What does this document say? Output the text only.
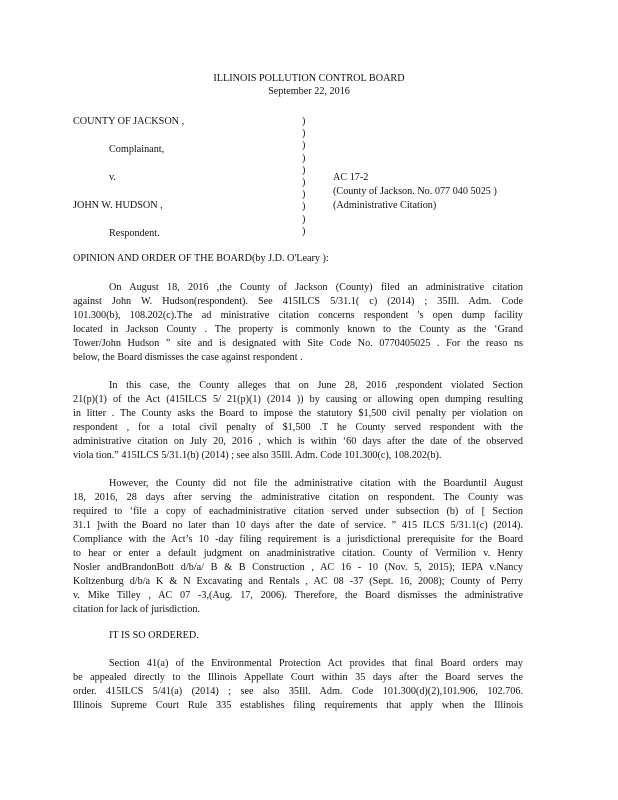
ILLINOIS POLLUTION CONTROL BOARD
September 22, 2016
COUNTY OF JACKSON ,
Complainant,
v.
JOHN W. HUDSON ,
Respondent.
)
)
)
)
)
)
)
)
)
)
AC 17-2
(County of Jackson. No. 077 040 5025 )
(Administrative Citation)
OPINION AND ORDER OF THE BOARD(by J.D. O'Leary ):
On August 18, 2016 ,the County of Jackson (County) filed an administrative citation
against John W. Hudson(respondent). See 415ILCS 5/31.1( c) (2014) ; 35Ill. Adm. Code
101.300(b), 108.202(c).The ad ministrative citation concerns respondent 's open dump facility
located in Jackson County . The property is commonly known to the County as the ‘Grand
Tower/John Hudson ” site and is designated with Site Code No. 0770405025 . For the reaso ns
below, the Board dismisses the case against respondent .
In this case, the County alleges that on June 28, 2016 ,respondent violated Section
21(p)(1) of the Act (415ILCS 5/ 21(p)(1) (2014 )) by causing or allowing open dumping resulting
in litter . The County asks the Board to impose the statutory $1,500 civil penalty per violation on
respondent , for a total civil penalty of $1,500 .T he County served respondent with the
administrative citation on July 20, 2016 , which is within ‘60 days after the date of the observed
viola tion.” 415ILCS 5/31.1(b) (2014) ; see also 35Ill. Adm. Code 101.300(c), 108.202(b).
However, the County did not file the administrative citation with the Boarduntil August
18, 2016, 28 days after serving the administrative citation on respondent. The County was
required to ‘file a copy of eachadministrative citation served under subsection (b) of [ Section
31.1 ]with the Board no later than 10 days after the date of service. ” 415 ILCS 5/31.1(c) (2014).
Compliance with the Act’s 10 -day filing requirement is a jurisdictional prerequisite for the Board
to hear or enter a default judgment on anadministrative citation. County of Vermilion v. Henry
Nosler andBrandonBott d/b/a/ B & B Construction , AC 16 - 10 (Nov. 5, 2015); IEPA v.Nancy
Koltzenburg d/b/a K & N Excavating and Rentals , AC 08 -37 (Sept. 16, 2008); County of Perry
v. Mike Tilley , AC 07 -3,(Aug. 17, 2006). Therefore, the Board dismisses the administrative
citation for lack of jurisdiction.
IT IS SO ORDERED.
Section 41(a) of the Environmental Protection Act provides that final Board orders may
be appealed directly to the Illinois Appellate Court within 35 days after the Board serves the
order. 415ILCS 5/41(a) (2014) ; see also 35Ill. Adm. Code 101.300(d)(2),101.906, 102.706.
Illinois Supreme Court Rule 335 establishes filing requirements that apply when the Illinois
